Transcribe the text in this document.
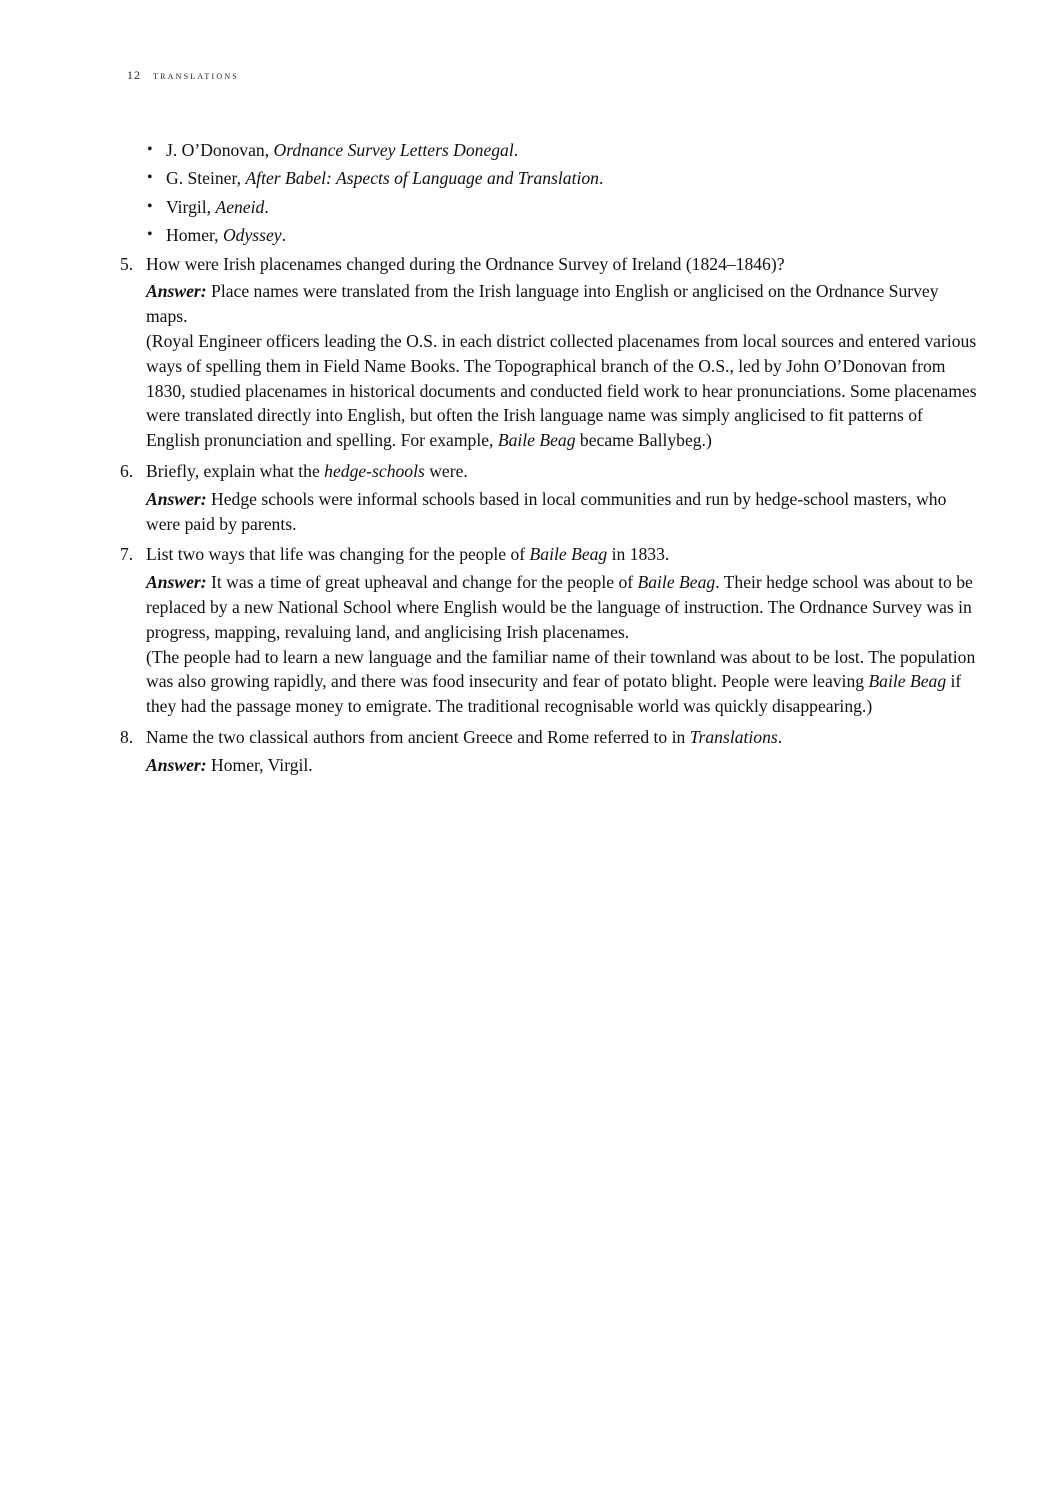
12 translations
• J. O’Donovan, Ordnance Survey Letters Donegal.
• G. Steiner, After Babel: Aspects of Language and Translation.
• Virgil, Aeneid.
• Homer, Odyssey.
5. How were Irish placenames changed during the Ordnance Survey of Ireland (1824–1846)?
Answer: Place names were translated from the Irish language into English or anglicised on the Ordnance Survey maps.
(Royal Engineer officers leading the O.S. in each district collected placenames from local sources and entered various ways of spelling them in Field Name Books. The Topographical branch of the O.S., led by John O’Donovan from 1830, studied placenames in historical documents and conducted field work to hear pronunciations. Some placenames were translated directly into English, but often the Irish language name was simply anglicised to fit patterns of English pronunciation and spelling. For example, Baile Beag became Ballybeg.)
6. Briefly, explain what the hedge-schools were.
Answer: Hedge schools were informal schools based in local communities and run by hedge-school masters, who were paid by parents.
7. List two ways that life was changing for the people of Baile Beag in 1833.
Answer: It was a time of great upheaval and change for the people of Baile Beag. Their hedge school was about to be replaced by a new National School where English would be the language of instruction. The Ordnance Survey was in progress, mapping, revaluing land, and anglicising Irish placenames.
(The people had to learn a new language and the familiar name of their townland was about to be lost. The population was also growing rapidly, and there was food insecurity and fear of potato blight. People were leaving Baile Beag if they had the passage money to emigrate. The traditional recognisable world was quickly disappearing.)
8. Name the two classical authors from ancient Greece and Rome referred to in Translations.
Answer: Homer, Virgil.
